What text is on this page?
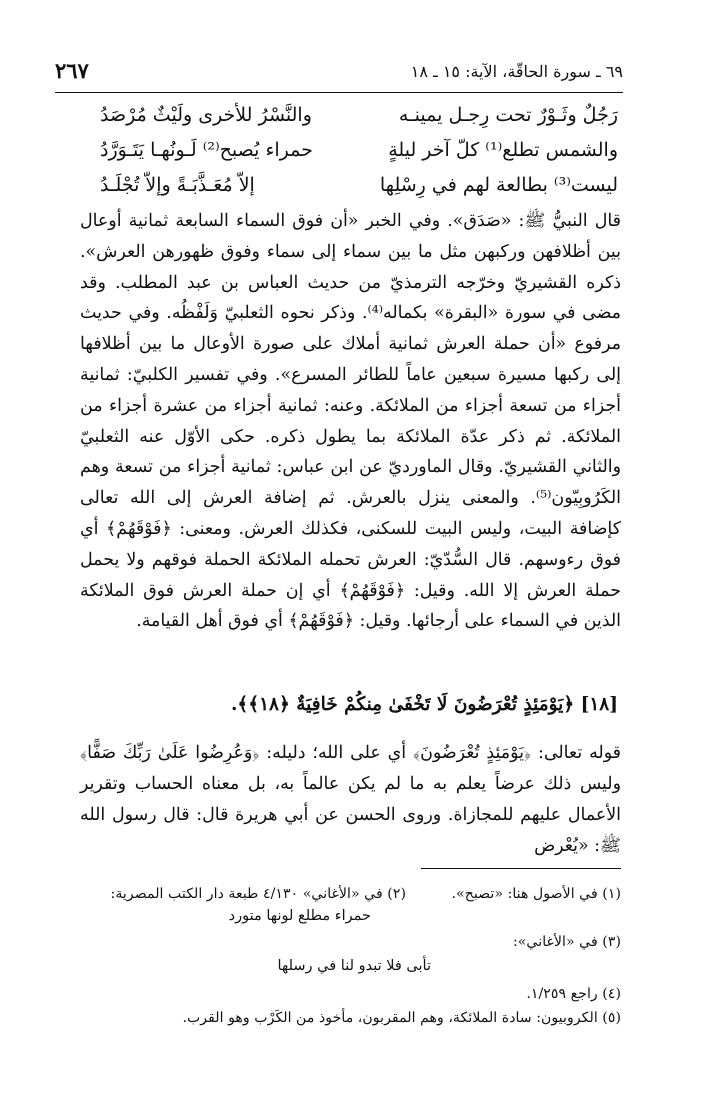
٦٩ ـ سورة الحاقّة، الآية: ١٥ ـ ١٨
٢٦٧
رَجُلٌ وثَـوْرٌ تحت رِجـل يمينـه
والنَّسْرُ للأخرى ولَيْثٌ مُرْصَدُ
والشمس تطلع⁽¹⁾ كلّ آخر ليلةٍ
حمراء يُصبح⁽²⁾ لَـونُهـا يَتَـوَرَّدُ
ليست⁽³⁾ بطالعة لهم في رِسْلِها
إلاّ مُعَـذَّبَـةً وإلاّ تُجْلَـدُ

قال النبيُّ ﷺ: «صَدَق». وفي الخبر «أن فوق السماء السابعة ثمانية أوعال بين أظلافهن وركبهن مثل ما بين سماء إلى سماء وفوق ظهورهن العرش». ذكره القشيريّ وخرّجه الترمذيّ من حديث العباس بن عبد المطلب. وقد مضى في سورة «البقرة» بكماله⁽⁴⁾. وذكر نحوه الثعلبيّ وَلَفْظُه. وفي حديث مرفوع «أن حملة العرش ثمانية أملاك على صورة الأوعال ما بين أظلافها إلى ركبها مسيرة سبعين عاماً للطائر المسرع». وفي تفسير الكلبيّ: ثمانية أجزاء من تسعة أجزاء من الملائكة. وعنه: ثمانية أجزاء من عشرة أجزاء من الملائكة. ثم ذكر عدّة الملائكة بما يطول ذكره. حكى الأوّل عنه الثعلبيّ والثاني القشيريّ. وقال الماورديّ عن ابن عباس: ثمانية أجزاء من تسعة وهم الكَرُوبِيّون⁽⁵⁾. والمعنى ينزل بالعرش. ثم إضافة العرش إلى الله تعالى كإضافة البيت، وليس البيت للسكنى، فكذلك العرش. ومعنى: ﴿فَوْقَهُمْ﴾ أي فوق رءوسهم. قال السُّدّيّ: العرش تحمله الملائكة الحملة فوقهم ولا يحمل حملة العرش إلا الله. وقيل: ﴿فَوْقَهُمْ﴾ أي إن حملة العرش فوق الملائكة الذين في السماء على أرجائها. وقيل: ﴿فَوْقَهُمْ﴾ أي فوق أهل القيامة.

[١٨] ﴿يَوْمَئِذٍ تُعْرَضُونَ لَا تَخْفَىٰ مِنكُمْ خَافِيَةٌ ﴿١٨﴾﴾.

قوله تعالى: ﴿يَوْمَئِذٍ تُعْرَضُونَ﴾ أي على الله؛ دليله: ﴿وَعُرِضُوا عَلَىٰ رَبِّكَ صَفًّا﴾ وليس ذلك عرضاً يعلم به ما لم يكن عالماً به، بل معناه الحساب وتقرير الأعمال عليهم للمجازاة. وروى الحسن عن أبي هريرة قال: قال رسول الله ﷺ: «يُعْرض

(١) في الأصول هنا: «تصبح».
(٢) في «الأغاني» ٤/١٣٠ طبعة دار الكتب المصرية:
حمراء مطلع لونها متورد
(٣) في «الأغاني»:
تأبى فلا تبدو لنا في رسلها
(٤) راجع ١/٢٥٩.
(٥) الكروبيون: سادة الملائكة، وهم المقربون، مأخوذ من الكَرْب وهو القرب.
